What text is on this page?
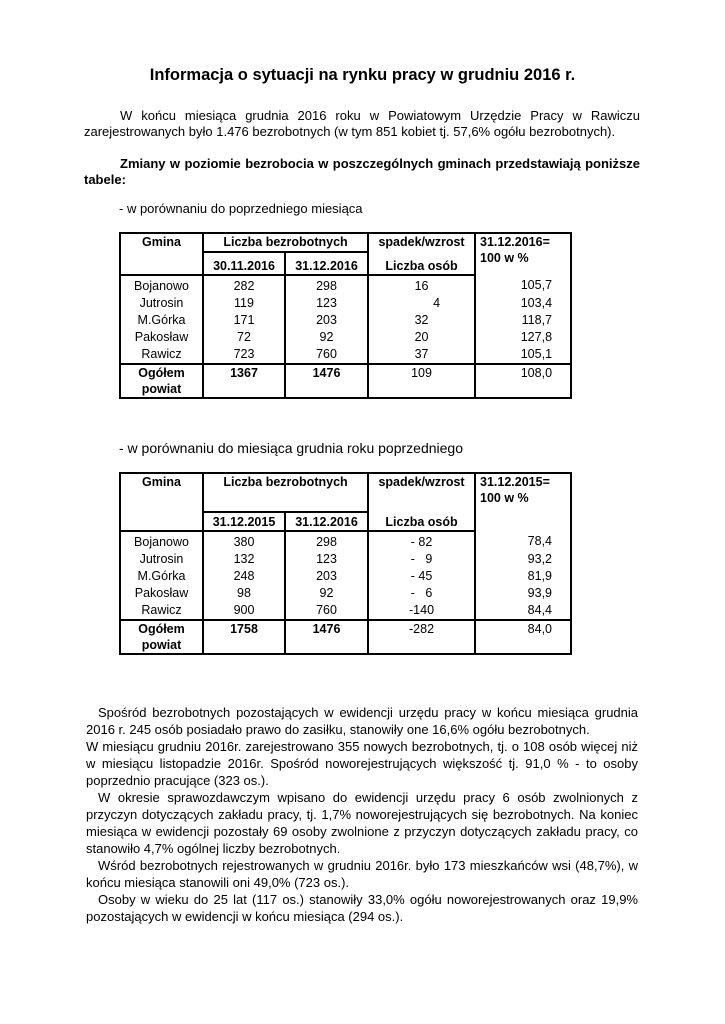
Informacja o sytuacji na rynku pracy w grudniu 2016 r.
W końcu miesiąca grudnia 2016 roku w Powiatowym Urzędzie Pracy w Rawiczu zarejestrowanych było 1.476 bezrobotnych (w tym 851 kobiet tj. 57,6% ogółu bezrobotnych).
Zmiany w poziomie bezrobocia w poszczególnych gminach przedstawiają poniższe tabele:
- w porównaniu do poprzedniego miesiąca
Gmina	Liczba bezrobotnych		spadek/wzrost	31.12.2016= 100 w %
	30.11.2016	31.12.2016	Liczba osób	
Bojanowo	282	298	16	105,7
Jutrosin	119	123	4	103,4
M.Górka	171	203	32	118,7
Pakosław	72	92	20	127,8
Rawicz	723	760	37	105,1
Ogółem
powiat	1367	1476	109	108,0
- w porównaniu do miesiąca grudnia roku poprzedniego
Gmina	Liczba bezrobotnych		spadek/wzrost	31.12.2015= 100 w %
	31.12.2015	31.12.2016	Liczba osób	
Bojanowo	380	298	- 82	78,4
Jutrosin	132	123	-   9	93,2
M.Górka	248	203	- 45	81,9
Pakosław	98	92	-   6	93,9
Rawicz	900	760	-140	84,4
Ogółem
powiat	1758	1476	-282	84,0

Spośród bezrobotnych pozostających w ewidencji urzędu pracy w końcu miesiąca grudnia 2016 r. 245 osób posiadało prawo do zasiłku, stanowiły one 16,6% ogółu bezrobotnych.

W miesiącu grudniu 2016r. zarejestrowano 355 nowych bezrobotnych, tj. o 108 osób więcej niż w miesiącu listopadzie 2016r. Spośród noworejestrujących większość tj. 91,0 % - to osoby poprzednio pracujące (323 os.).

W okresie sprawozdawczym wpisano do ewidencji urzędu pracy 6 osób zwolnionych z przyczyn dotyczących zakładu pracy, tj. 1,7% noworejestrujących się bezrobotnych. Na koniec miesiąca w ewidencji pozostały 69 osoby zwolnione z przyczyn dotyczących zakładu pracy, co stanowiło 4,7% ogólnej liczby bezrobotnych.

Wśród bezrobotnych rejestrowanych w grudniu 2016r. było 173 mieszkańców wsi (48,7%), w końcu miesiąca stanowili oni 49,0% (723 os.).

Osoby w wieku do 25 lat (117 os.) stanowiły 33,0% ogółu noworejestrowanych oraz 19,9% pozostających w ewidencji w końcu miesiąca (294 os.).
